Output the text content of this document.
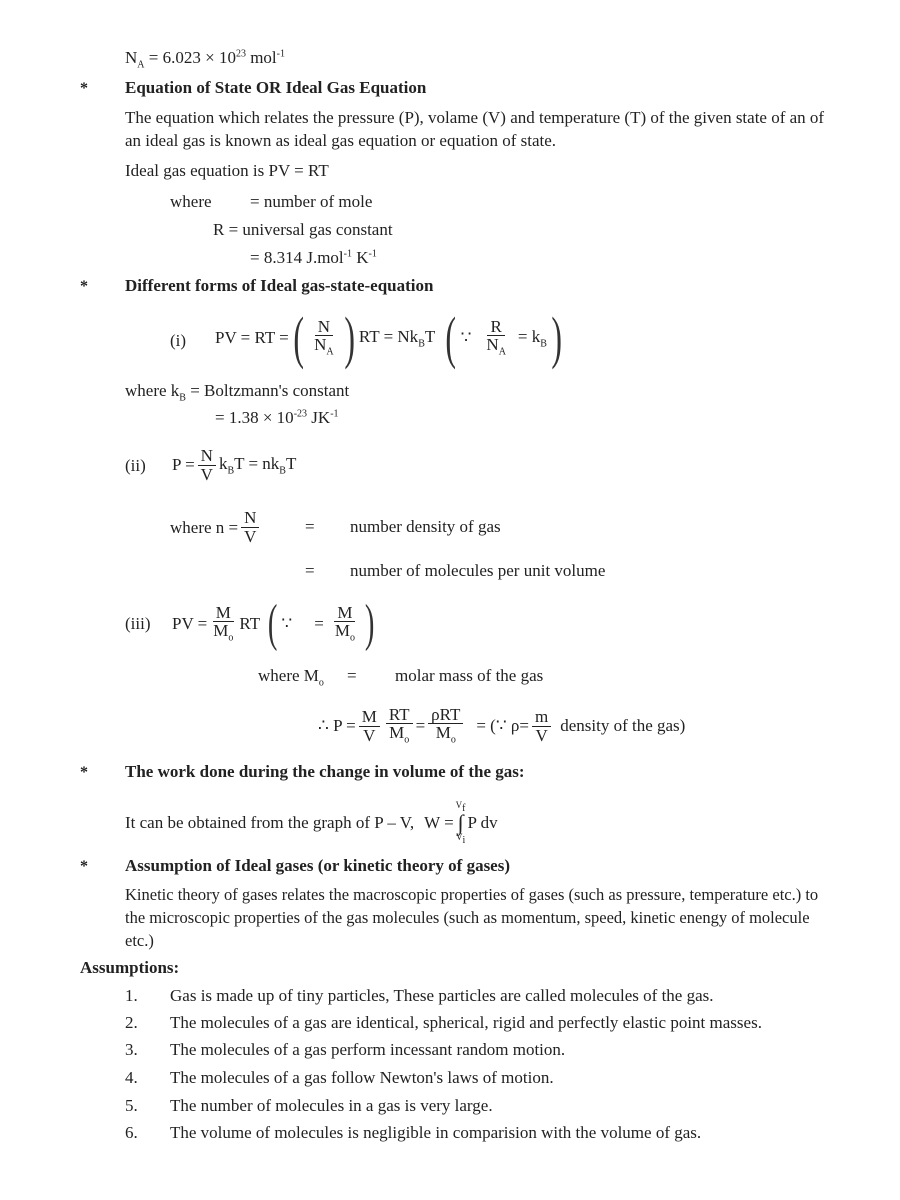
$N_A = 6.023 \times 10^{23}$ mol$^{-1}$
* Equation of State OR Ideal Gas Equation
The equation which relates the pressure (P), volame (V) and temperature (T) of the given state of an of an ideal gas is known as ideal gas equation or equation of state.
Ideal gas equation is PV = RT
where = number of mole
R = universal gas constant
= 8.314 J.mol$^{-1}$ $K^{-1}$
* Different forms of Ideal gas-state-equation
(i) PV = RT = ( $\frac{N}{N_A}$ ) RT = $Nk_BT$ ( ∵ $\frac{R}{N_A} = k_B$ )
where $k_B$ = Boltzmann's constant
= $1.38 \times 10^{-23}$ $JK^{-1}$
(ii) $P = \frac{N}{V} k_BT = nk_BT$
where $n = \frac{N}{V}$	= number density of gas
= number of molecules per unit volume
(iii) PV = $\frac{M}{M_o}$ RT ( ∵ = $\frac{M}{M_o}$ )
where $M_o$ = molar mass of the gas
∴ $P = \frac{M}{V} \frac{RT}{M_o} = \frac{\text{ρRT}}{M_o}$ = (∵ $\rho= \frac{m}{V}$ density of the gas)
* The work done during the change in volume of the gas:
It can be obtained from the graph of P – V, W =
$V_f$
∫
$V_i$
P dv
* Assumption of Ideal gases (or kinetic theory of gases)
Kinetic theory of gases relates the macroscopic properties of gases (such as pressure, temperature etc.) to the microscopic properties of the gas molecules (such as momentum, speed, kinetic enengy of molecule etc.)
Assumptions:
1. Gas is made up of tiny particles, These particles are called molecules of the gas.
2. The molecules of a gas are identical, spherical, rigid and perfectly elastic point masses.
3. The molecules of a gas perform incessant random motion.
4. The molecules of a gas follow Newton's laws of motion.
5. The number of molecules in a gas is very large.
6. The volume of molecules is negligible in comparision with the volume of gas.
